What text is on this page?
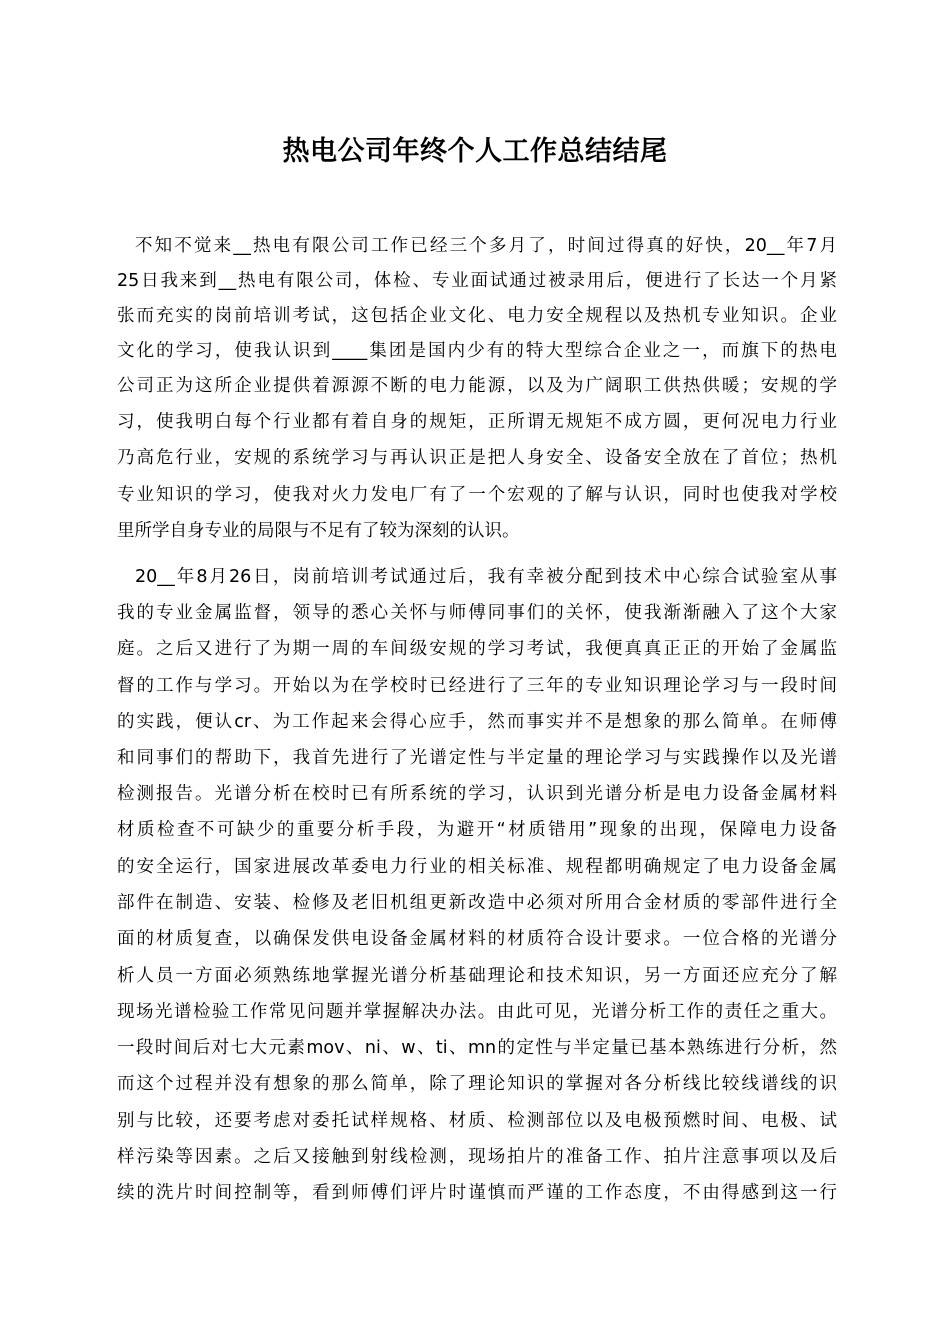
热电公司年终个人工作总结结尾
不知不觉来__热电有限公司工作已经三个多月了，时间过得真的好快，20__年7月
25日我来到__热电有限公司，体检、专业面试通过被录用后，便进行了长达一个月紧
张而充实的岗前培训考试，这包括企业文化、电力安全规程以及热机专业知识。企业
文化的学习，使我认识到____集团是国内少有的特大型综合企业之一，而旗下的热电
公司正为这所企业提供着源源不断的电力能源，以及为广阔职工供热供暖；安规的学
习，使我明白每个行业都有着自身的规矩，正所谓无规矩不成方圆，更何况电力行业
乃高危行业，安规的系统学习与再认识正是把人身安全、设备安全放在了首位；热机
专业知识的学习，使我对火力发电厂有了一个宏观的了解与认识，同时也使我对学校
里所学自身专业的局限与不足有了较为深刻的认识。
20__年8月26日，岗前培训考试通过后，我有幸被分配到技术中心综合试验室从事
我的专业金属监督，领导的悉心关怀与师傅同事们的关怀，使我渐渐融入了这个大家
庭。之后又进行了为期一周的车间级安规的学习考试，我便真真正正的开始了金属监
督的工作与学习。开始以为在学校时已经进行了三年的专业知识理论学习与一段时间
的实践，便认cr、为工作起来会得心应手，然而事实并不是想象的那么简单。在师傅
和同事们的帮助下，我首先进行了光谱定性与半定量的理论学习与实践操作以及光谱
检测报告。光谱分析在校时已有所系统的学习，认识到光谱分析是电力设备金属材料
材质检查不可缺少的重要分析手段，为避开“材质错用”现象的出现，保障电力设备
的安全运行，国家进展改革委电力行业的相关标准、规程都明确规定了电力设备金属
部件在制造、安装、检修及老旧机组更新改造中必须对所用合金材质的零部件进行全
面的材质复查，以确保发供电设备金属材料的材质符合设计要求。一位合格的光谱分
析人员一方面必须熟练地掌握光谱分析基础理论和技术知识，另一方面还应充分了解
现场光谱检验工作常见问题并掌握解决办法。由此可见，光谱分析工作的责任之重大。
一段时间后对七大元素mov、ni、w、ti、mn的定性与半定量已基本熟练进行分析，然
而这个过程并没有想象的那么简单，除了理论知识的掌握对各分析线比较线谱线的识
别与比较，还要考虑对委托试样规格、材质、检测部位以及电极预燃时间、电极、试
样污染等因素。之后又接触到射线检测，现场拍片的准备工作、拍片注意事项以及后
续的洗片时间控制等，看到师傅们评片时谨慎而严谨的工作态度，不由得感到这一行
